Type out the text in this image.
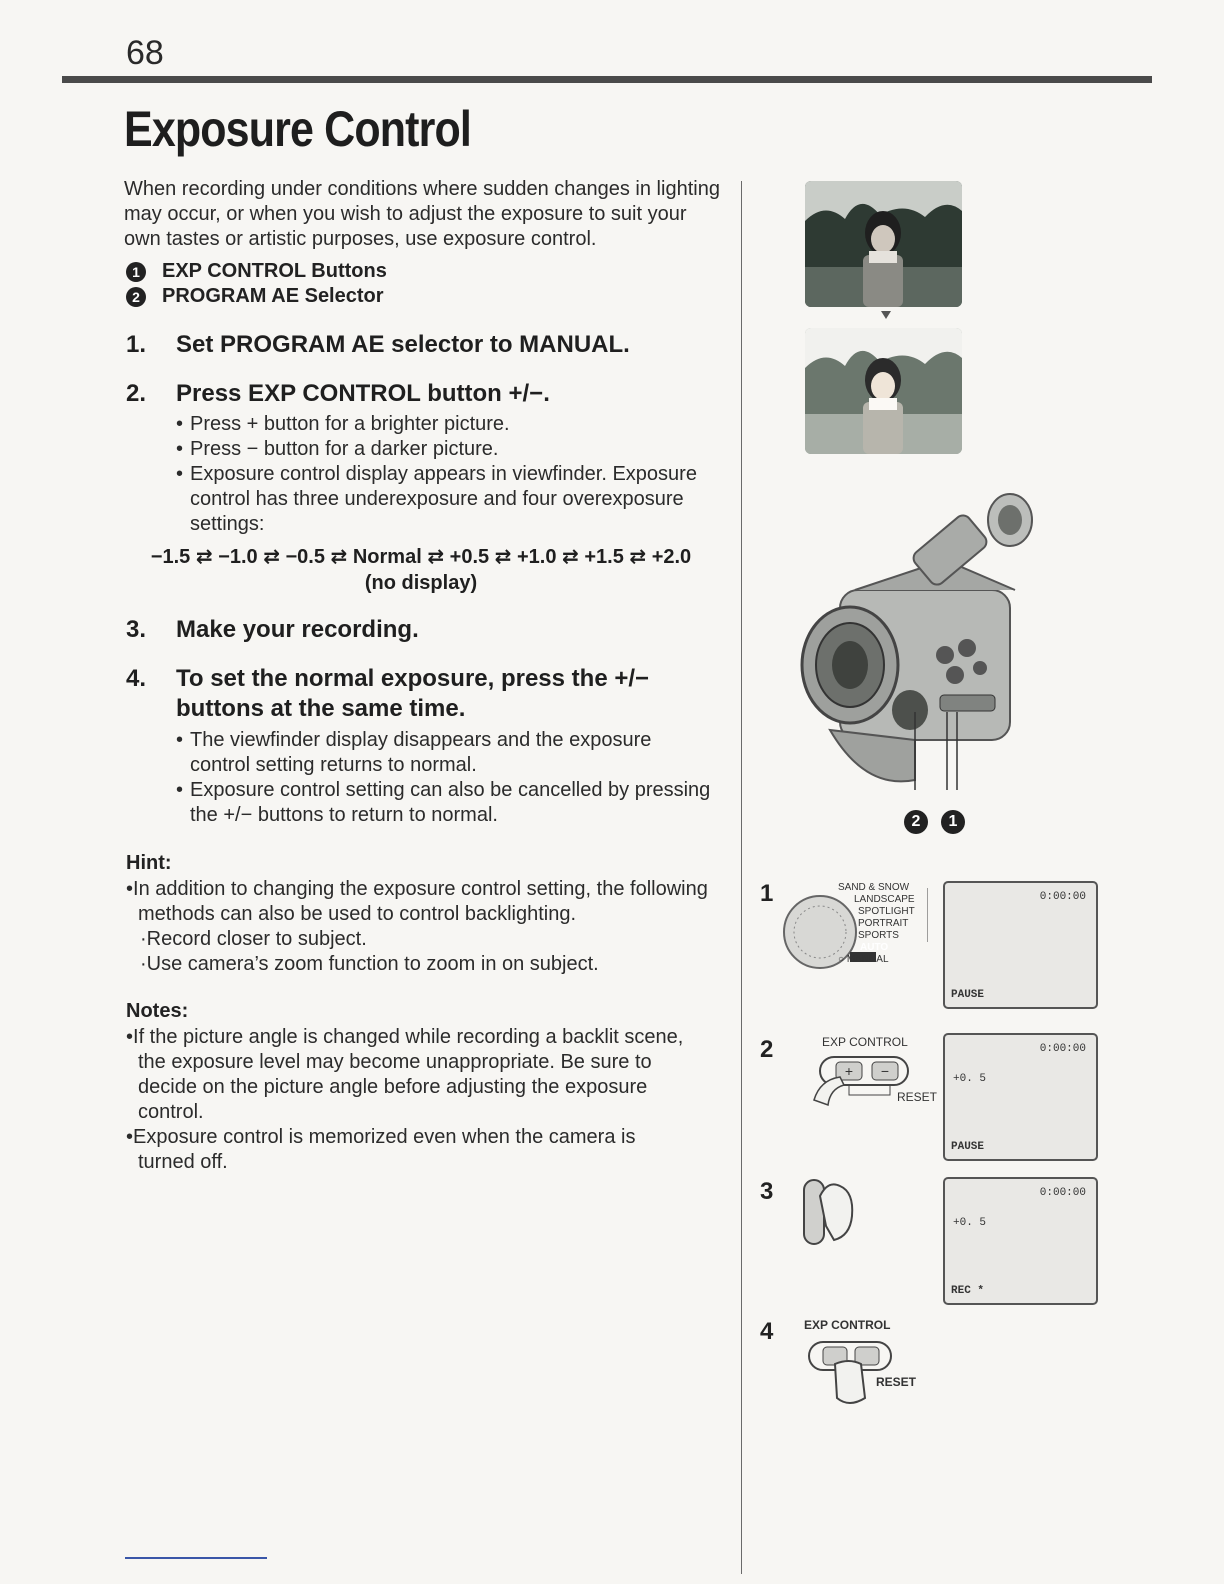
68
Exposure Control
When recording under conditions where sudden changes in lighting may occur, or when you wish to adjust the exposure to suit your own tastes or artistic purposes, use exposure control.
1 EXP CONTROL Buttons
2 PROGRAM AE Selector
1. Set PROGRAM AE selector to MANUAL.
2. Press EXP CONTROL button +/−.
• Press + button for a brighter picture.
• Press − button for a darker picture.
• Exposure control display appears in viewfinder. Exposure control has three underexposure and four overexposure settings:
−1.5 ⇄ −1.0 ⇄ −0.5 ⇄ Normal ⇄ +0.5 ⇄ +1.0 ⇄ +1.5 ⇄ +2.0
(no display)
3. Make your recording.
4. To set the normal exposure, press the +/− buttons at the same time.
• The viewfinder display disappears and the exposure control setting returns to normal.
• Exposure control setting can also be cancelled by pressing the +/− buttons to return to normal.
Hint:
•In addition to changing the exposure control setting, the following methods can also be used to control backlighting.
·Record closer to subject.
·Use camera’s zoom function to zoom in on subject.
Notes:
•If the picture angle is changed while recording a backlit scene, the exposure level may become unappropriate. Be sure to decide on the picture angle before adjusting the exposure control.
•Exposure control is memorized even when the camera is turned off.
2	1
1	SAND & SNOW
LANDSCAPE
SPOTLIGHT
PORTRAIT
SPORTS
AUTO
○ MANUAL
0:00:00
PAUSE
2	EXP CONTROL
+ −
RESET
0:00:00
+0. 5
PAUSE
3	0:00:00
+0. 5
REC *
4	EXP CONTROL
RESET
